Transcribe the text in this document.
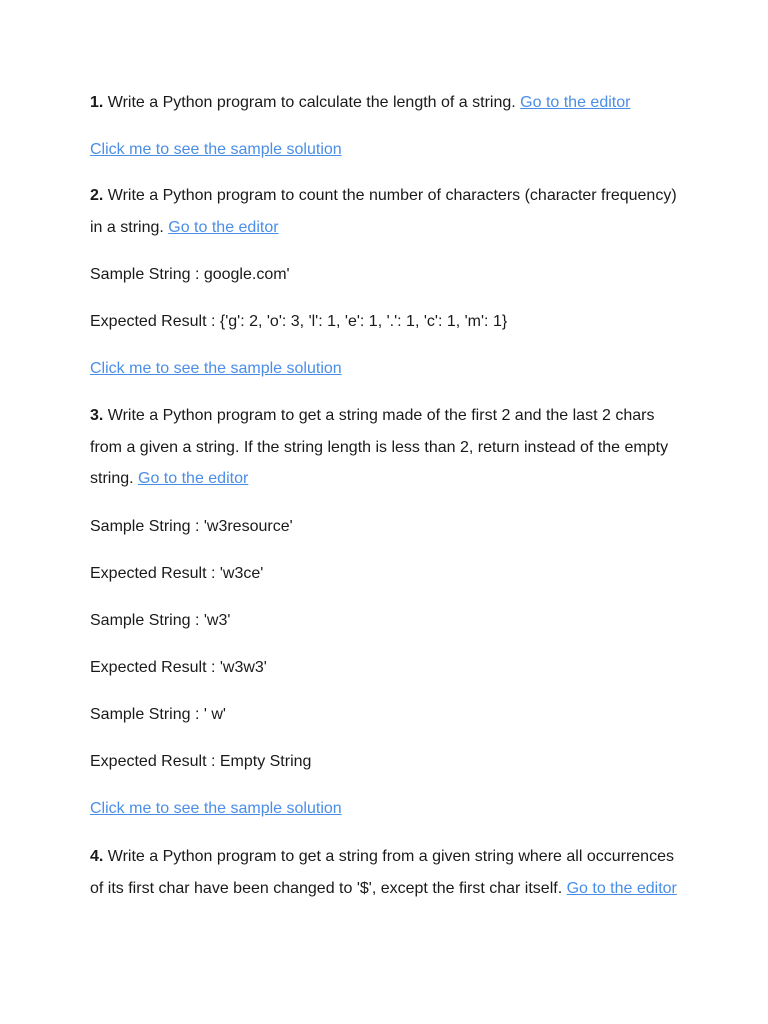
1. Write a Python program to calculate the length of a string. Go to the editor

Click me to see the sample solution

2. Write a Python program to count the number of characters (character frequency) in a string. Go to the editor

Sample String : google.com'

Expected Result : {'g': 2, 'o': 3, 'l': 1, 'e': 1, '.': 1, 'c': 1, 'm': 1}

Click me to see the sample solution

3. Write a Python program to get a string made of the first 2 and the last 2 chars from a given a string. If the string length is less than 2, return instead of the empty string. Go to the editor

Sample String : 'w3resource'

Expected Result : 'w3ce'

Sample String : 'w3'

Expected Result : 'w3w3'

Sample String : ' w'

Expected Result : Empty String

Click me to see the sample solution

4. Write a Python program to get a string from a given string where all occurrences of its first char have been changed to '$', except the first char itself. Go to the editor
